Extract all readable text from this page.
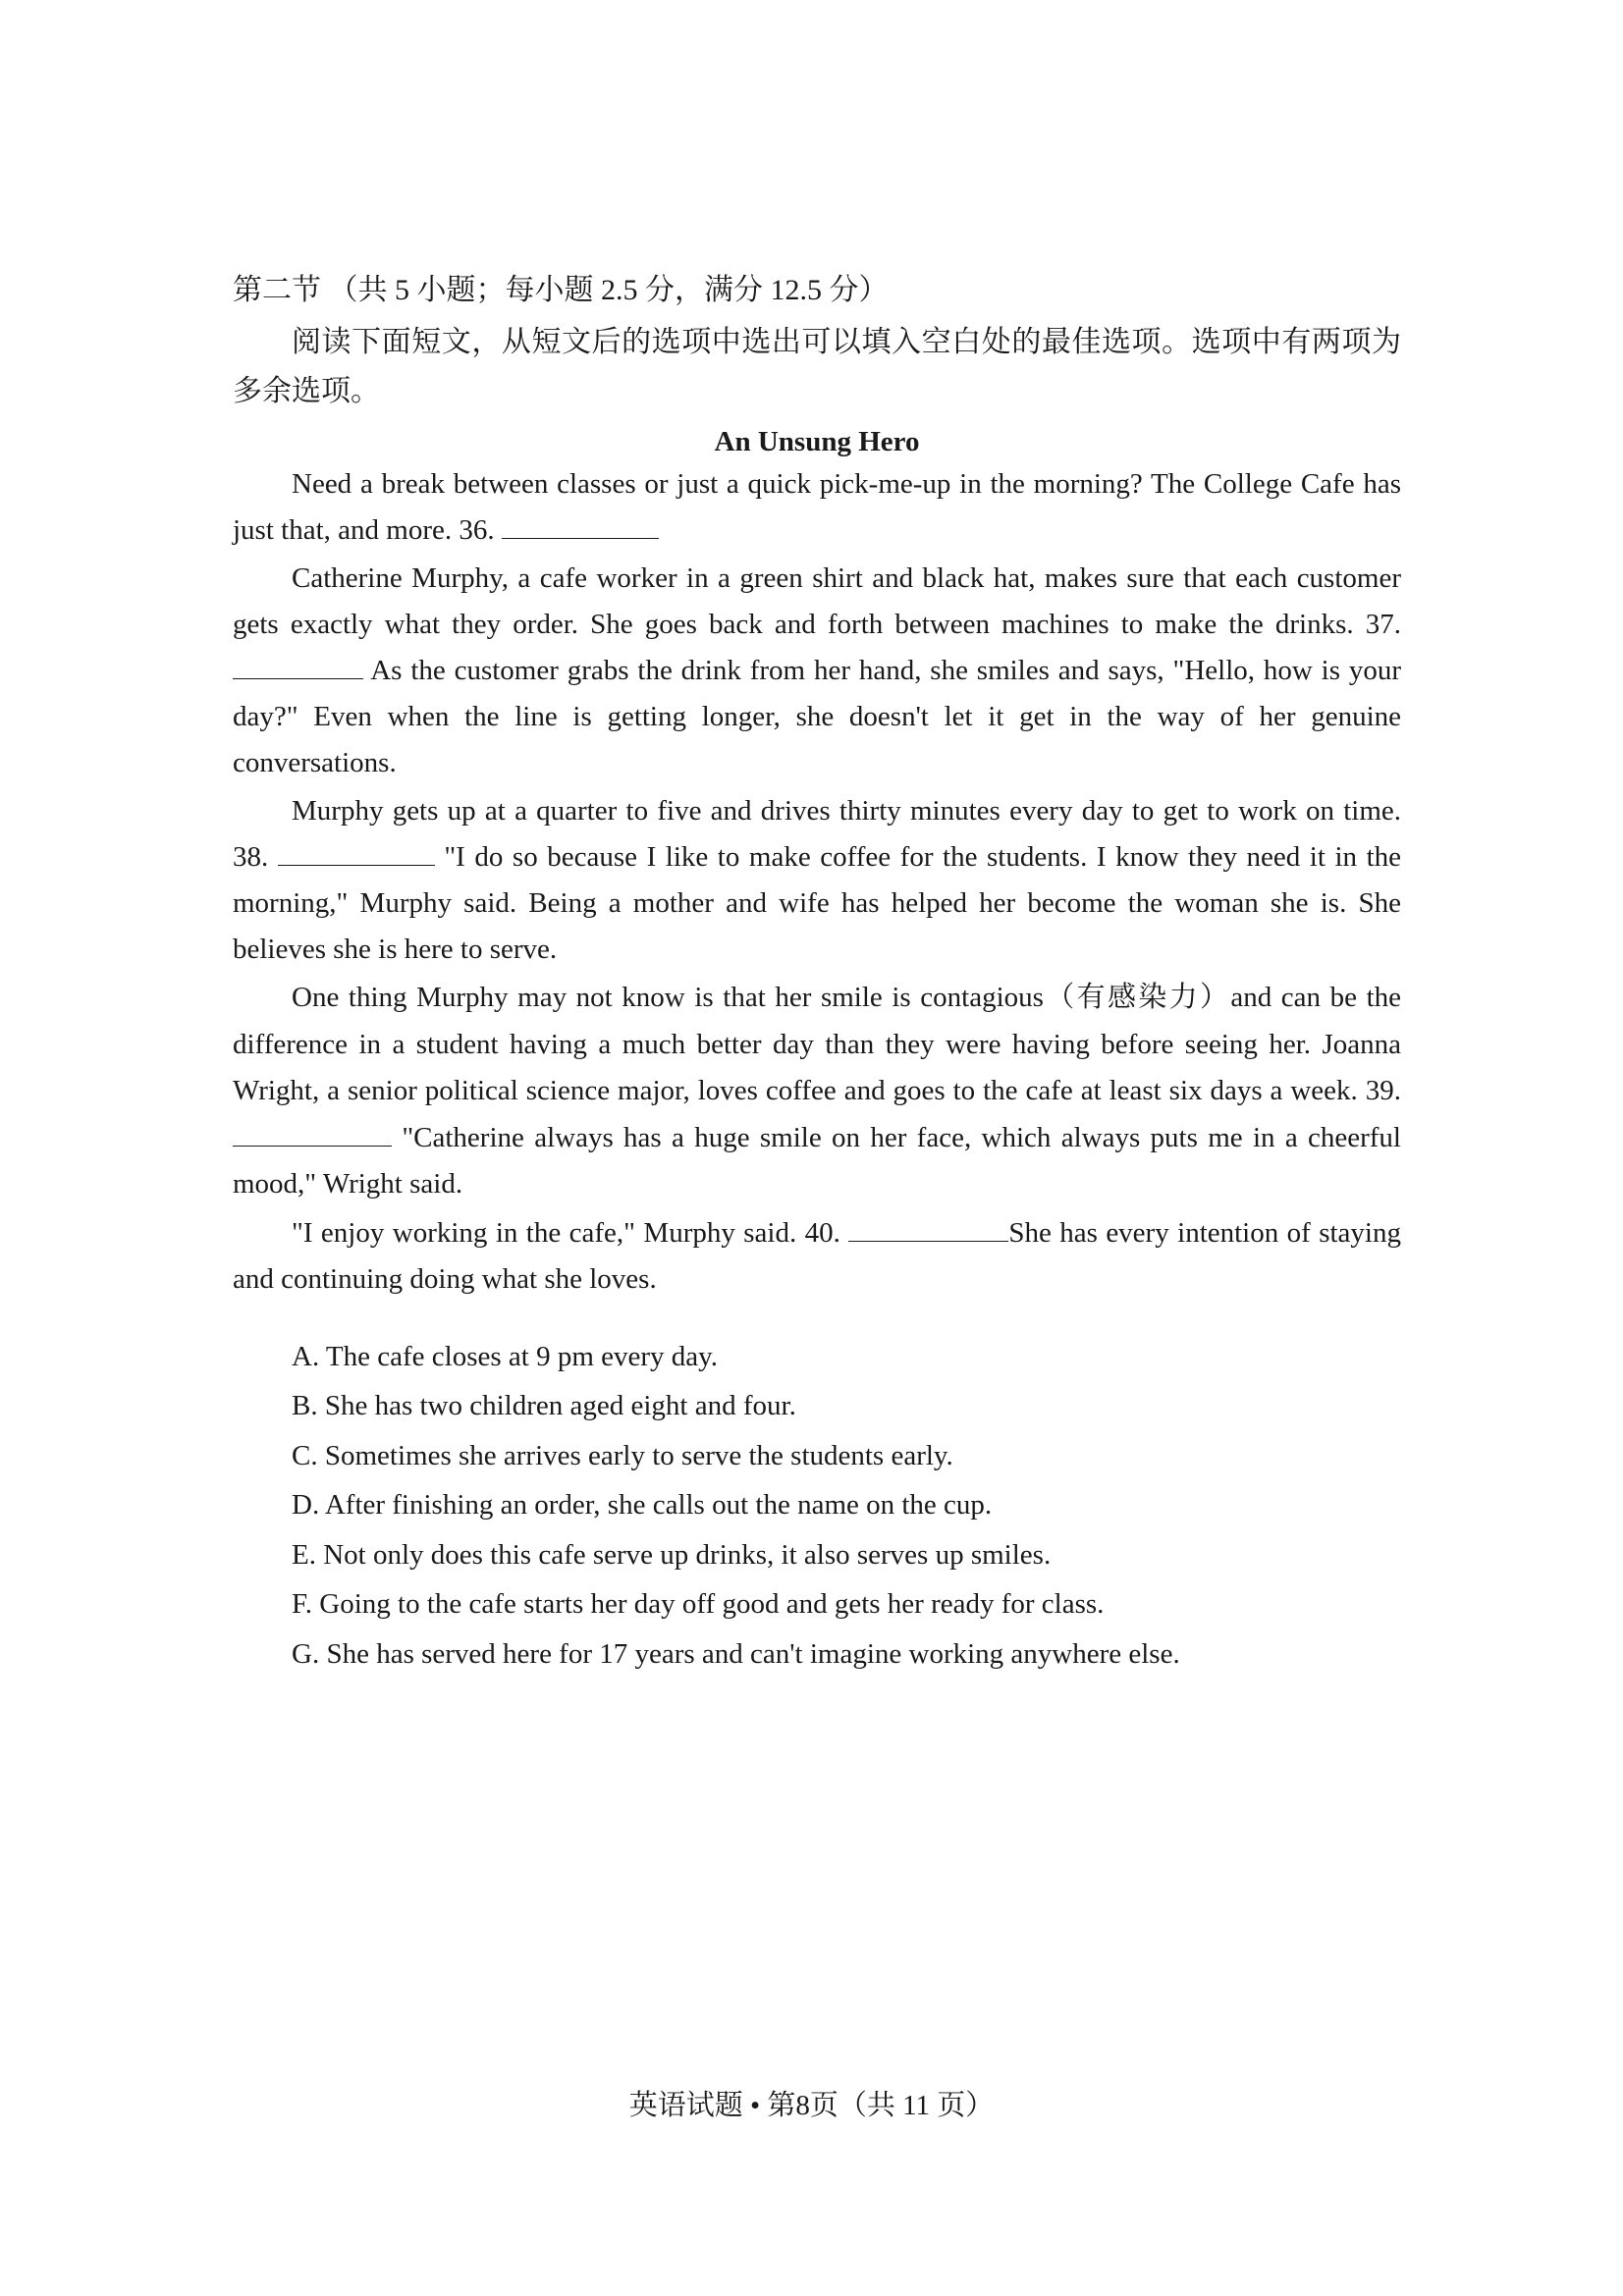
第二节 （共 5 小题；每小题 2.5 分，满分 12.5 分）

阅读下面短文，从短文后的选项中选出可以填入空白处的最佳选项。选项中有两项为多余选项。

An Unsung Hero

Need a break between classes or just a quick pick-me-up in the morning? The College Cafe has just that, and more. 36.

Catherine Murphy, a cafe worker in a green shirt and black hat, makes sure that each customer gets exactly what they order. She goes back and forth between machines to make the drinks. 37.  As the customer grabs the drink from her hand, she smiles and says, "Hello, how is your day?" Even when the line is getting longer, she doesn't let it get in the way of her genuine conversations.

Murphy gets up at a quarter to five and drives thirty minutes every day to get to work on time. 38.	"I do so because I like to make coffee for the students. I know they need it in the morning," Murphy said. Being a mother and wife has helped her become the woman she is. She believes she is here to serve.

One thing Murphy may not know is that her smile is contagious（有感染力）and can be the difference in a student having a much better day than they were having before seeing her. Joanna Wright, a senior political science major, loves coffee and goes to the cafe at least six days a week. 39.  "Catherine always has a huge smile on her face, which always puts me in a cheerful mood," Wright said.

"I enjoy working in the cafe," Murphy said. 40.	She has every intention of staying and continuing doing what she loves.

A. The cafe closes at 9 pm every day.
B. She has two children aged eight and four.
C. Sometimes she arrives early to serve the students early.
D. After finishing an order, she calls out the name on the cup.
E. Not only does this cafe serve up drinks, it also serves up smiles.
F. Going to the cafe starts her day off good and gets her ready for class.
G. She has served here for 17 years and can't imagine working anywhere else.
英语试题 • 第8页（共 11 页）
